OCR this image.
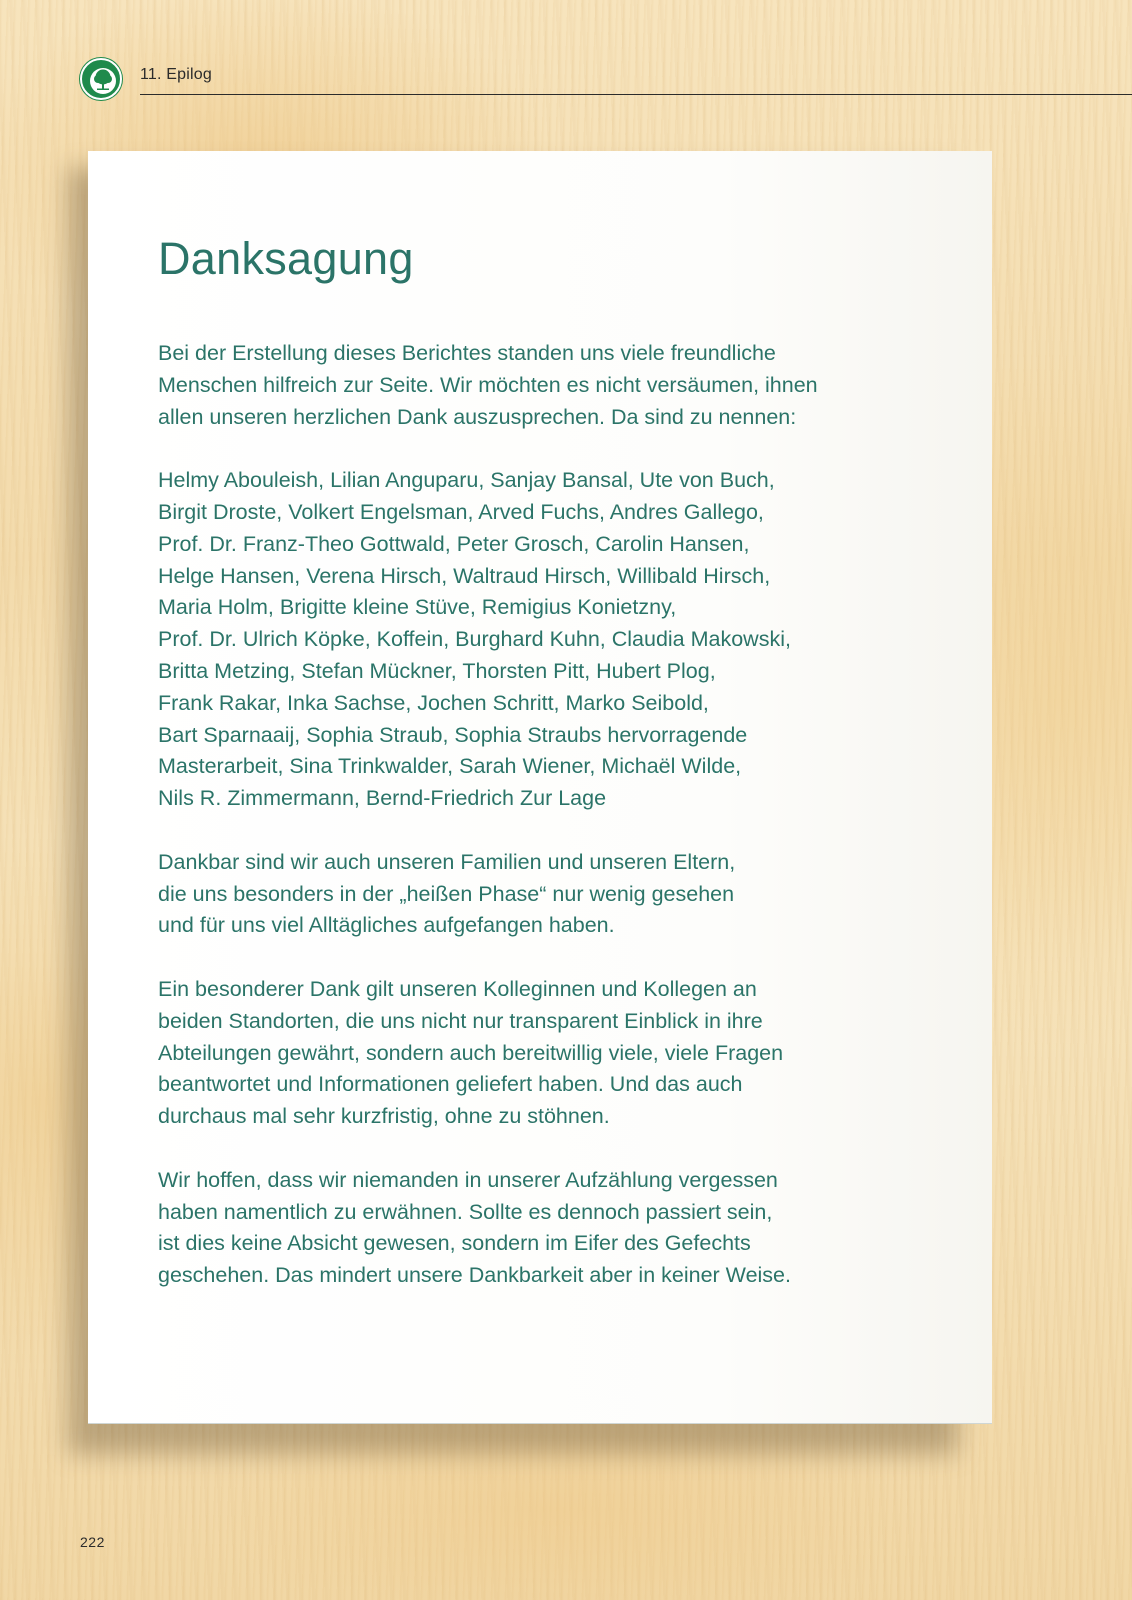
11. Epilog
Danksagung
Bei der Erstellung dieses Berichtes standen uns viele freundliche
Menschen hilfreich zur Seite. Wir möchten es nicht versäumen, ihnen
allen unseren herzlichen Dank auszusprechen. Da sind zu nennen:
Helmy Abouleish, Lilian Anguparu, Sanjay Bansal, Ute von Buch,
Birgit Droste, Volkert Engelsman, Arved Fuchs, Andres Gallego,
Prof. Dr. Franz-Theo Gottwald, Peter Grosch, Carolin Hansen,
Helge Hansen, Verena Hirsch, Waltraud Hirsch, Willibald Hirsch,
Maria Holm, Brigitte kleine Stüve, Remigius Konietzny,
Prof. Dr. Ulrich Köpke, Koffein, Burghard Kuhn, Claudia Makowski,
Britta Metzing, Stefan Mückner, Thorsten Pitt, Hubert Plog,
Frank Rakar, Inka Sachse, Jochen Schritt, Marko Seibold,
Bart Sparnaaij, Sophia Straub, Sophia Straubs hervorragende
Masterarbeit, Sina Trinkwalder, Sarah Wiener, Michaël Wilde,
Nils R. Zimmermann, Bernd-Friedrich Zur Lage
Dankbar sind wir auch unseren Familien und unseren Eltern,
die uns besonders in der „heißen Phase“ nur wenig gesehen
und für uns viel Alltägliches aufgefangen haben.
Ein besonderer Dank gilt unseren Kolleginnen und Kollegen an
beiden Standorten, die uns nicht nur transparent Einblick in ihre
Abteilungen gewährt, sondern auch bereitwillig viele, viele Fragen
beantwortet und Informationen geliefert haben. Und das auch
durchaus mal sehr kurzfristig, ohne zu stöhnen.
Wir hoffen, dass wir niemanden in unserer Aufzählung vergessen
haben namentlich zu erwähnen. Sollte es dennoch passiert sein,
ist dies keine Absicht gewesen, sondern im Eifer des Gefechts
geschehen. Das mindert unsere Dankbarkeit aber in keiner Weise.
222
